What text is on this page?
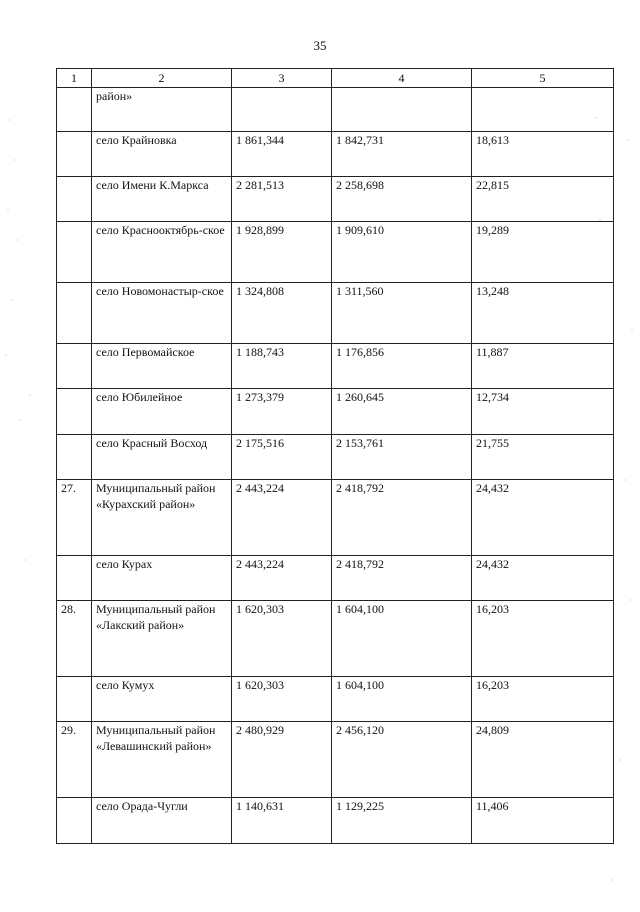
35
1	2	3	4	5
	район»			
	село Крайновка	1 861,344	1 842,731	18,613
	село Имени К.Маркса	2 281,513	2 258,698	22,815
	село Краснооктябрь-ское	1 928,899	1 909,610	19,289
	село Новомонастыр-ское	1 324,808	1 311,560	13,248
	село Первомайское	1 188,743	1 176,856	11,887
	село Юбилейное	1 273,379	1 260,645	12,734
	село Красный Восход	2 175,516	2 153,761	21,755
27.	Муниципальный район «Курахский район»	2 443,224	2 418,792	24,432
	село Курах	2 443,224	2 418,792	24,432
28.	Муниципальный район «Лакский район»	1 620,303	1 604,100	16,203
	село Кумух	1 620,303	1 604,100	16,203
29.	Муниципальный район «Левашинский район»	2 480,929	2 456,120	24,809
	село Орада-Чугли	1 140,631	1 129,225	11,406
